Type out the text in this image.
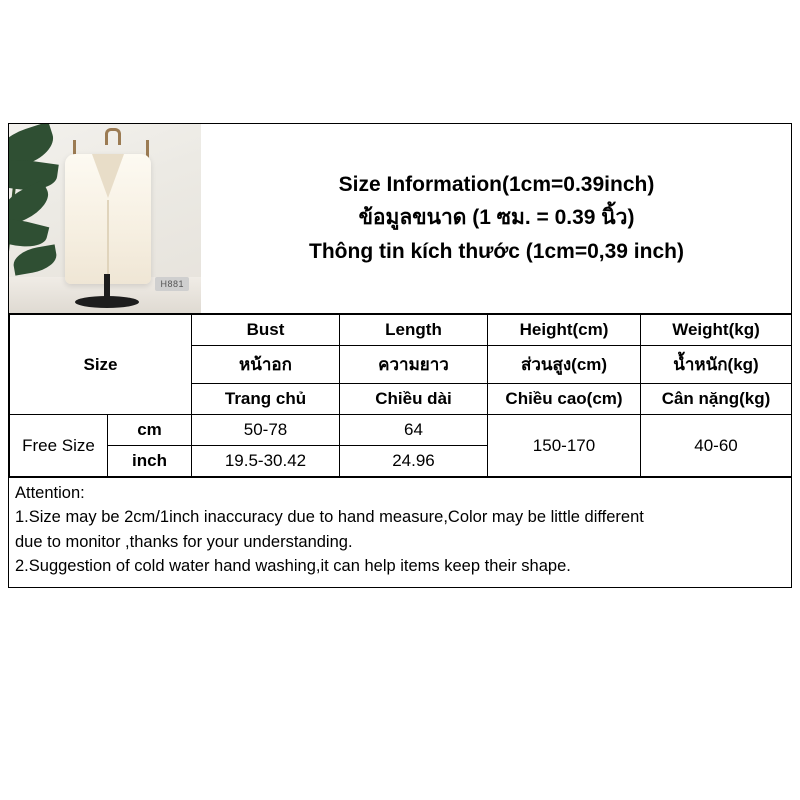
H881
Size Information(1cm=0.39inch)
ข้อมูลขนาด (1 ซม. = 0.39 นิ้ว)
Thông tin kích thước (1cm=0,39 inch)
Size		Bust	Length	Height(cm)	Weight(kg)
		หน้าอก	ความยาว	ส่วนสูง(cm)	น้ำหนัก(kg)
		Trang chủ	Chiều dài	Chiều cao(cm)	Cân nặng(kg)
Free Size	cm	50-78	64	150-170	40-60
	inch	19.5-30.42	24.96		

Attention:

1.Size may be 2cm/1inch inaccuracy due to hand measure,Color may be little different

due to monitor ,thanks for your understanding.

2.Suggestion of cold water hand washing,it can help items keep their shape.
